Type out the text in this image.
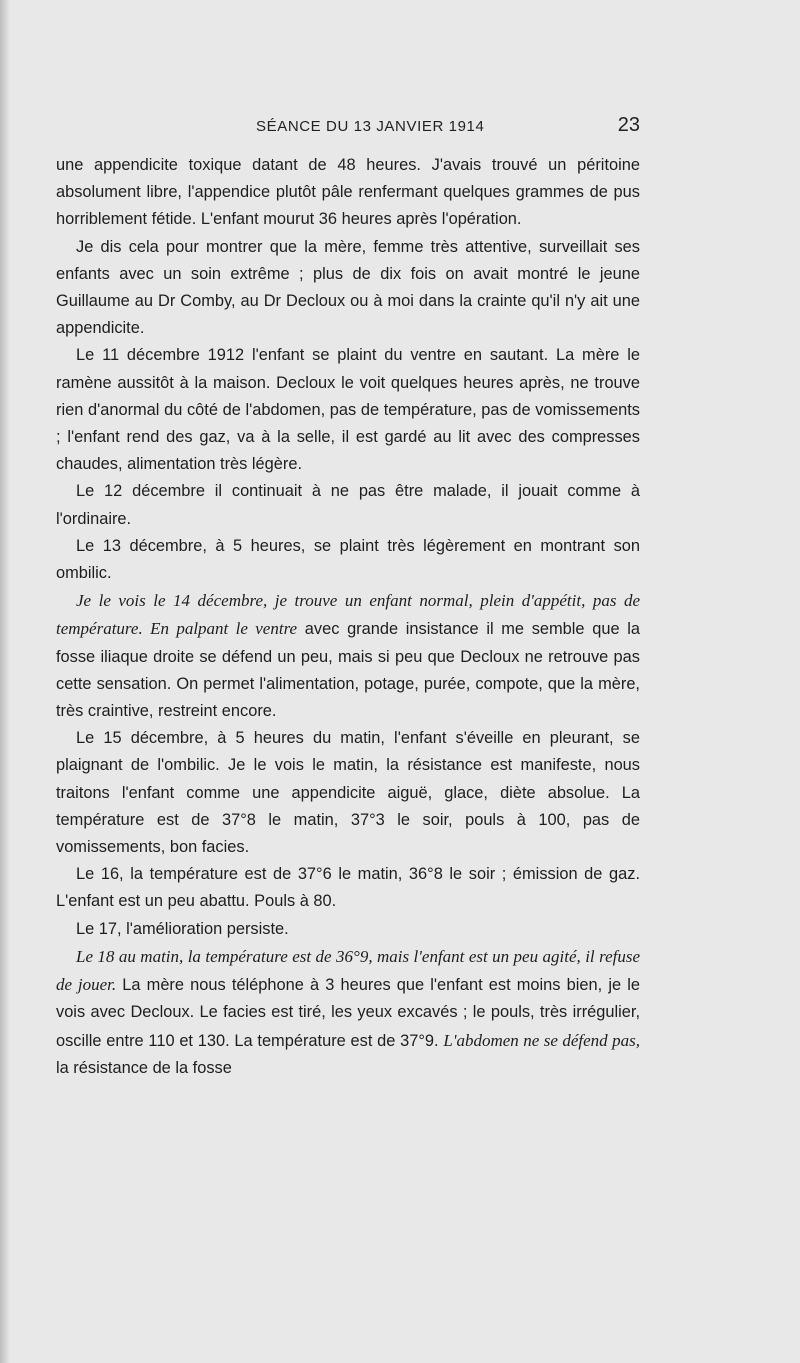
SÉANCE DU 13 JANVIER 1914	23

une appendicite toxique datant de 48 heures. J'avais trouvé un péritoine absolument libre, l'appendice plutôt pâle renfermant quelques grammes de pus horriblement fétide. L'enfant mourut 36 heures après l'opération.

Je dis cela pour montrer que la mère, femme très attentive, surveillait ses enfants avec un soin extrême ; plus de dix fois on avait montré le jeune Guillaume au Dr Comby, au Dr Decloux ou à moi dans la crainte qu'il n'y ait une appendicite.

Le 11 décembre 1912 l'enfant se plaint du ventre en sautant. La mère le ramène aussitôt à la maison. Decloux le voit quelques heures après, ne trouve rien d'anormal du côté de l'abdomen, pas de température, pas de vomissements ; l'enfant rend des gaz, va à la selle, il est gardé au lit avec des compresses chaudes, alimentation très légère.

Le 12 décembre il continuait à ne pas être malade, il jouait comme à l'ordinaire.

Le 13 décembre, à 5 heures, se plaint très légèrement en montrant son ombilic.

Je le vois le 14 décembre, je trouve un enfant normal, plein d'appétit, pas de température. En palpant le ventre avec grande insistance il me semble que la fosse iliaque droite se défend un peu, mais si peu que Decloux ne retrouve pas cette sensation. On permet l'alimentation, potage, purée, compote, que la mère, très craintive, restreint encore.

Le 15 décembre, à 5 heures du matin, l'enfant s'éveille en pleurant, se plaignant de l'ombilic. Je le vois le matin, la résistance est manifeste, nous traitons l'enfant comme une appendicite aiguë, glace, diète absolue. La température est de 37°8 le matin, 37°3 le soir, pouls à 100, pas de vomissements, bon facies.

Le 16, la température est de 37°6 le matin, 36°8 le soir ; émission de gaz. L'enfant est un peu abattu. Pouls à 80.

Le 17, l'amélioration persiste.

Le 18 au matin, la température est de 36°9, mais l'enfant est un peu agité, il refuse de jouer. La mère nous téléphone à 3 heures que l'enfant est moins bien, je le vois avec Decloux. Le facies est tiré, les yeux excavés ; le pouls, très irrégulier, oscille entre 110 et 130. La température est de 37°9. L'abdomen ne se défend pas, la résistance de la fosse
